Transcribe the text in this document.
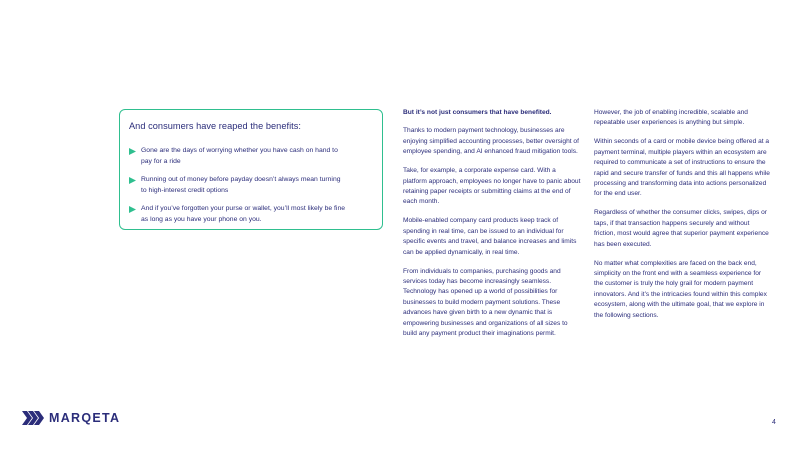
And consumers have reaped the benefits:
Gone are the days of worrying whether you have cash on hand to pay for a ride
Running out of money before payday doesn’t always mean turning to high-interest credit options
And if you’ve forgotten your purse or wallet, you’ll most likely be fine as long as you have your phone on you.

But it’s not just consumers that have benefited.

Thanks to modern payment technology, businesses are enjoying simplified accounting processes, better oversight of employee spending, and AI enhanced fraud mitigation tools.

Take, for example, a corporate expense card. With a platform approach, employees no longer have to panic about retaining paper receipts or submitting claims at the end of each month.

Mobile-enabled company card products keep track of spending in real time, can be issued to an individual for specific events and travel, and balance increases and limits can be applied dynamically, in real time.

From individuals to companies, purchasing goods and services today has become increasingly seamless. Technology has opened up a world of possibilities for businesses to build modern payment solutions. These advances have given birth to a new dynamic that is empowering businesses and organizations of all sizes to build any payment product their imaginations permit.

However, the job of enabling incredible, scalable and repeatable user experiences is anything but simple.

Within seconds of a card or mobile device being offered at a payment terminal, multiple players within an ecosystem are required to communicate a set of instructions to ensure the rapid and secure transfer of funds and this all happens while processing and transforming data into actions personalized for the end user.

Regardless of whether the consumer clicks, swipes, dips or taps, if that transaction happens securely and without friction, most would agree that superior payment experience has been executed.

No matter what complexities are faced on the back end, simplicity on the front end with a seamless experience for the customer is truly the holy grail for modern payment innovators. And it’s the intricacies found within this complex ecosystem, along with the ultimate goal, that we explore in the following sections.

MARQETA	4
